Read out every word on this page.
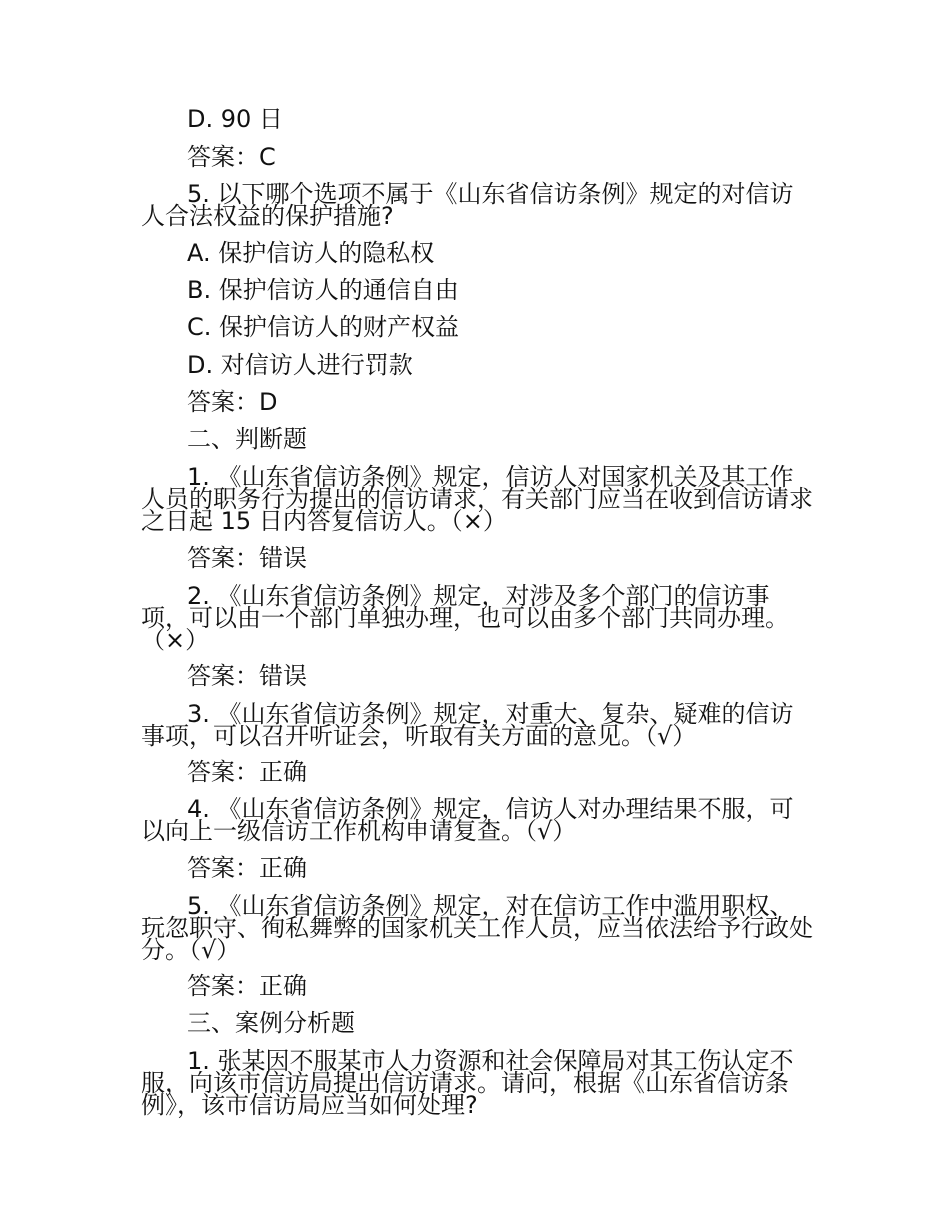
D. 90 日
答案：C
5. 以下哪个选项不属于《山东省信访条例》规定的对信访人合法权益的保护措施?
A. 保护信访人的隐私权
B. 保护信访人的通信自由
C. 保护信访人的财产权益
D. 对信访人进行罚款
答案：D
二、判断题
1. 《山东省信访条例》规定，信访人对国家机关及其工作人员的职务行为提出的信访请求，有关部门应当在收到信访请求之日起 15 日内答复信访人。（×）
答案：错误
2. 《山东省信访条例》规定，对涉及多个部门的信访事项，可以由一个部门单独办理，也可以由多个部门共同办理。（×）
答案：错误
3. 《山东省信访条例》规定，对重大、复杂、疑难的信访事项，可以召开听证会，听取有关方面的意见。（√）
答案：正确
4. 《山东省信访条例》规定，信访人对办理结果不服，可以向上一级信访工作机构申请复查。（√）
答案：正确
5. 《山东省信访条例》规定，对在信访工作中滥用职权、玩忽职守、徇私舞弊的国家机关工作人员，应当依法给予行政处分。（√）
答案：正确
三、案例分析题
1. 张某因不服某市人力资源和社会保障局对其工伤认定不服，向该市信访局提出信访请求。请问，根据《山东省信访条例》，该市信访局应当如何处理?
